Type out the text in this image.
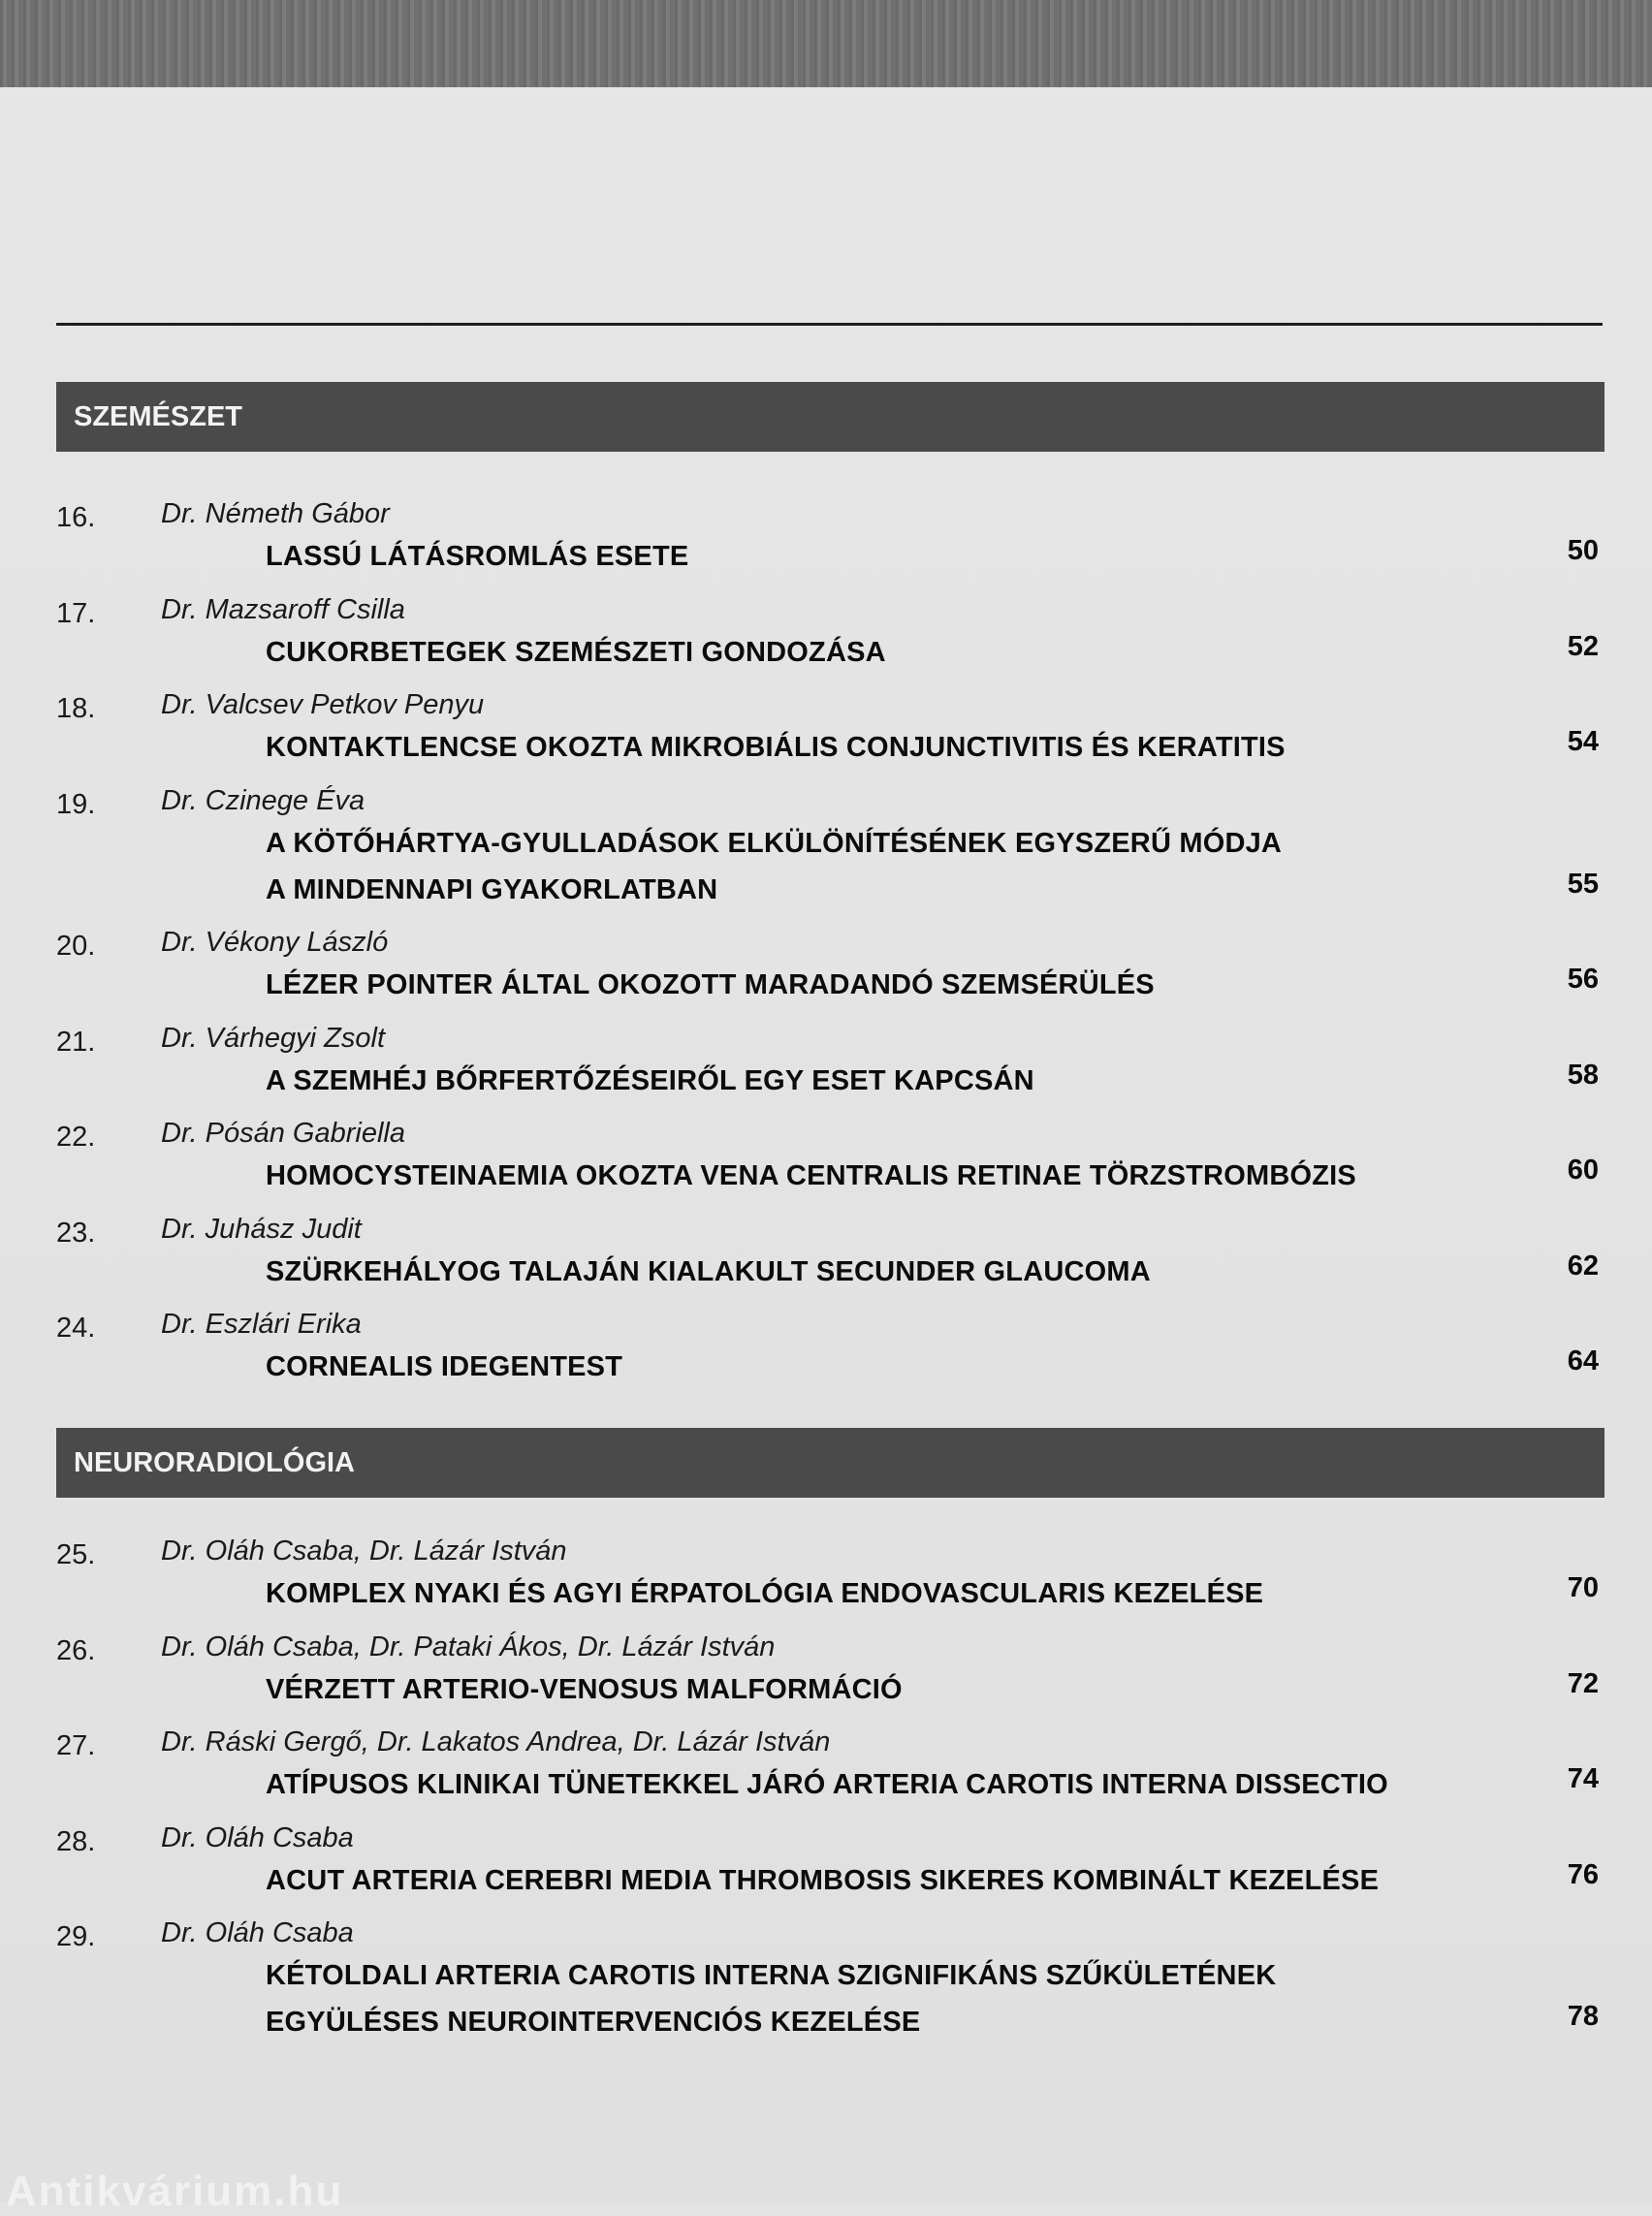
SZEMÉSZET
16. Dr. Németh Gábor
LASSÚ LÁTÁSROMLÁS ESETE	50
17. Dr. Mazsaroff Csilla
CUKORBETEGEK SZEMÉSZETI GONDOZÁSA	52
18. Dr. Valcsev Petkov Penyu
KONTAKTLENCSE OKOZTA MIKROBIÁLIS CONJUNCTIVITIS ÉS KERATITIS	54
19. Dr. Czinege Éva
A KÖTŐHÁRTYA-GYULLADÁSOK ELKÜLÖNÍTÉSÉNEK EGYSZERŰ MÓDJA
A MINDENNAPI GYAKORLATBAN	55
20. Dr. Vékony László
LÉZER POINTER ÁLTAL OKOZOTT MARADANDÓ SZEMSÉRÜLÉS	56
21. Dr. Várhegyi Zsolt
A SZEMHÉJ BŐRFERTŐZÉSEIRŐL EGY ESET KAPCSÁN	58
22. Dr. Pósán Gabriella
HOMOCYSTEINAEMIA OKOZTA VENA CENTRALIS RETINAE TÖRZSTROMBÓZIS	60
23. Dr. Juhász Judit
SZÜRKEHÁLYOG TALAJÁN KIALAKULT SECUNDER GLAUCOMA	62
24. Dr. Eszlári Erika
CORNEALIS IDEGENTEST	64
NEURORADIOLÓGIA
25. Dr. Oláh Csaba, Dr. Lázár István
KOMPLEX NYAKI ÉS AGYI ÉRPATOLÓGIA ENDOVASCULARIS KEZELÉSE	70
26. Dr. Oláh Csaba, Dr. Pataki Ákos, Dr. Lázár István
VÉRZETT ARTERIO-VENOSUS MALFORMÁCIÓ	72
27. Dr. Ráski Gergő, Dr. Lakatos Andrea, Dr. Lázár István
ATÍPUSOS KLINIKAI TÜNETEKKEL JÁRÓ ARTERIA CAROTIS INTERNA DISSECTIO	74
28. Dr. Oláh Csaba
ACUT ARTERIA CEREBRI MEDIA THROMBOSIS SIKERES KOMBINÁLT KEZELÉSE	76
29. Dr. Oláh Csaba
KÉTOLDALI ARTERIA CAROTIS INTERNA SZIGNIFIKÁNS SZŰKÜLETÉNEK
EGYÜLÉSES NEUROINTERVENCIÓS KEZELÉSE	78
Antikvárium.hu
